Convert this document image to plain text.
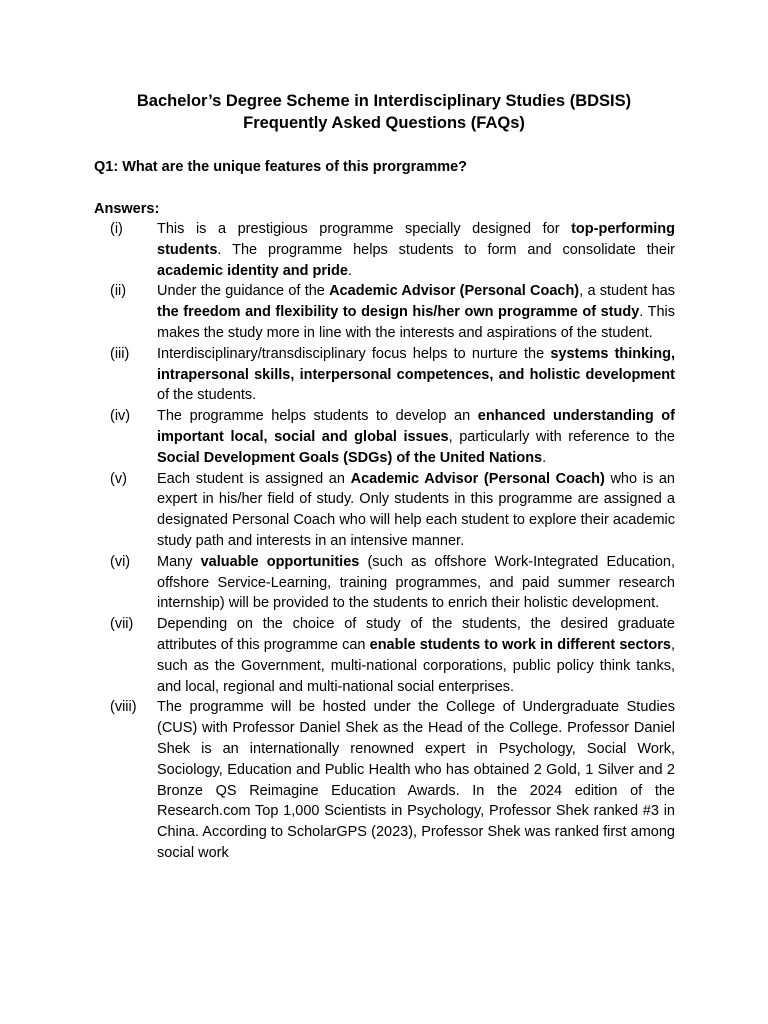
Bachelor’s Degree Scheme in Interdisciplinary Studies (BDSIS)
Frequently Asked Questions (FAQs)
Q1: What are the unique features of this prorgramme?
Answers:
(i) This is a prestigious programme specially designed for top-performing students. The programme helps students to form and consolidate their academic identity and pride.
(ii) Under the guidance of the Academic Advisor (Personal Coach), a student has the freedom and flexibility to design his/her own programme of study. This makes the study more in line with the interests and aspirations of the student.
(iii) Interdisciplinary/transdisciplinary focus helps to nurture the systems thinking, intrapersonal skills, interpersonal competences, and holistic development of the students.
(iv) The programme helps students to develop an enhanced understanding of important local, social and global issues, particularly with reference to the Social Development Goals (SDGs) of the United Nations.
(v) Each student is assigned an Academic Advisor (Personal Coach) who is an expert in his/her field of study. Only students in this programme are assigned a designated Personal Coach who will help each student to explore their academic study path and interests in an intensive manner.
(vi) Many valuable opportunities (such as offshore Work-Integrated Education, offshore Service-Learning, training programmes, and paid summer research internship) will be provided to the students to enrich their holistic development.
(vii) Depending on the choice of study of the students, the desired graduate attributes of this programme can enable students to work in different sectors, such as the Government, multi-national corporations, public policy think tanks, and local, regional and multi-national social enterprises.
(viii) The programme will be hosted under the College of Undergraduate Studies (CUS) with Professor Daniel Shek as the Head of the College. Professor Daniel Shek is an internationally renowned expert in Psychology, Social Work, Sociology, Education and Public Health who has obtained 2 Gold, 1 Silver and 2 Bronze QS Reimagine Education Awards. In the 2024 edition of the Research.com Top 1,000 Scientists in Psychology, Professor Shek ranked #3 in China. According to ScholarGPS (2023), Professor Shek was ranked first among social work
